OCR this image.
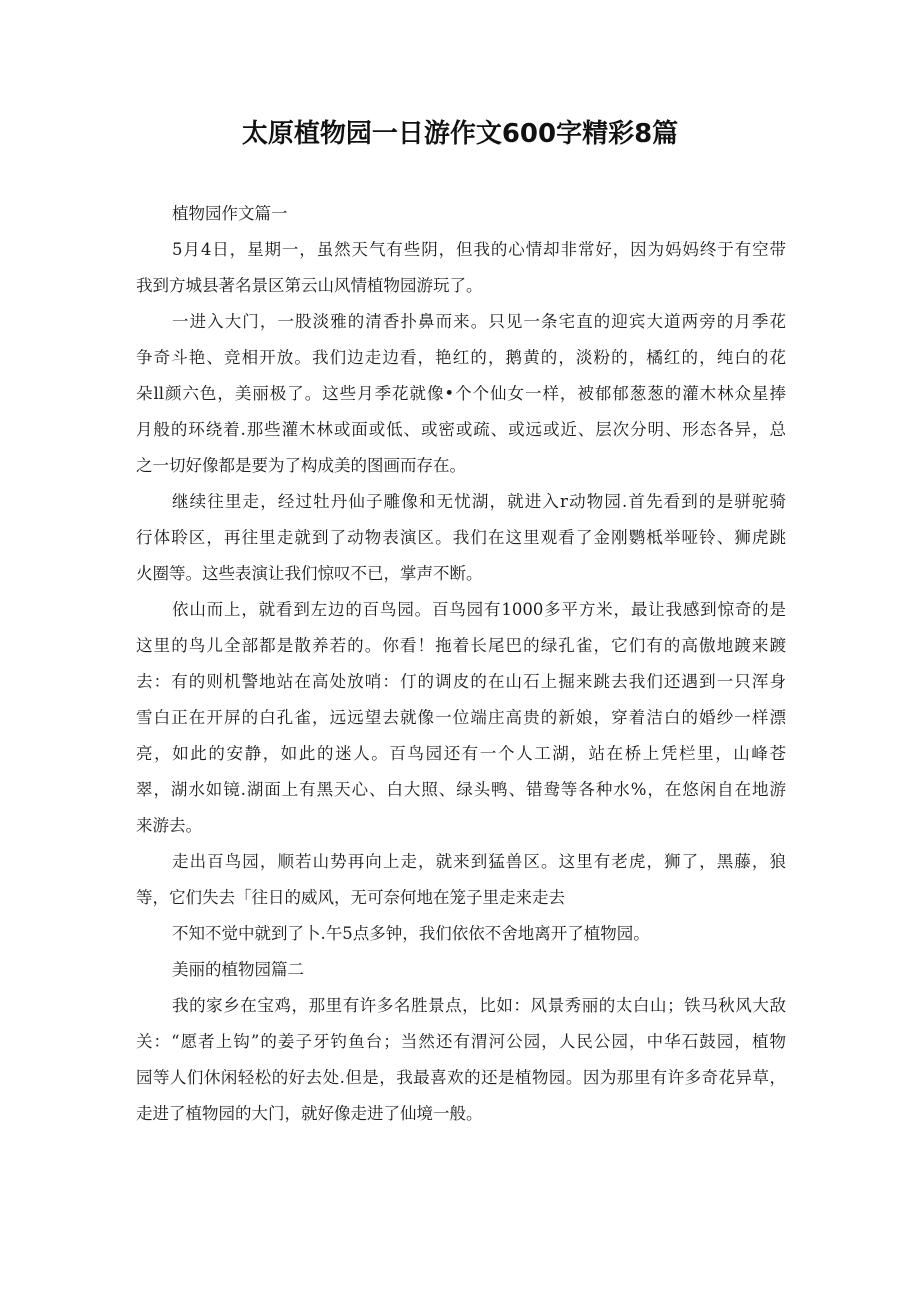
太原植物园一日游作文600字精彩8篇
植物园作文篇一
5月4日，星期一，虽然天气有些阴，但我的心情却非常好，因为妈妈终于有空带
我到方城县著名景区第云山风情植物园游玩了。
一进入大门，一股淡雅的清香扑鼻而来。只见一条宅直的迎宾大道两旁的月季花
争奇斗艳、竞相开放。我们边走边看，艳红的，鹅黄的，淡粉的，橘红的，纯白的花
朵ll颜六色，美丽极了。这些月季花就像•个个仙女一样，被郁郁葱葱的灌木林众星捧
月般的环绕着.那些灌木林或面或低、或密或疏、或远或近、层次分明、形态各异，总
之一切好像都是要为了构成美的图画而存在。
继续往里走，经过牡丹仙子雕像和无忧湖，就进入r动物园.首先看到的是骈驼骑
行体聆区，再往里走就到了动物表演区。我们在这里观看了金刚鹦柢举哑铃、狮虎跳
火圈等。这些表演让我们惊叹不已，掌声不断。
依山而上，就看到左边的百鸟园。百鸟园有1000多平方米，最让我感到惊奇的是
这里的鸟儿全部都是散养若的。你看！拖着长尾巴的绿孔雀，它们有的高傲地踱来踱
去：有的则机警地站在高处放哨：仃的调皮的在山石上掘来跳去我们还遇到一只浑身
雪白正在开屏的白孔雀，远远望去就像一位端庄高贵的新娘，穿着洁白的婚纱一样漂
亮，如此的安静，如此的迷人。百鸟园还有一个人工湖，站在桥上凭栏里，山峰苍
翠，湖水如镜.湖面上有黑天心、白大照、绿头鸭、错鸯等各种水%，在悠闲自在地游
来游去。
走出百鸟园，顺若山势再向上走，就来到猛兽区。这里有老虎，狮了，黑藤，狼
等，它们失去「往日的威风，无可奈何地在笼子里走来走去
不知不觉中就到了卜.午5点多钟，我们依依不舍地离开了植物园。
美丽的植物园篇二
我的家乡在宝鸡，那里有许多名胜景点，比如：风景秀丽的太白山；铁马秋风大敌
关：“愿者上钩”的姜子牙钓鱼台；当然还有渭河公园，人民公园，中华石鼓园，植物
园等人们休闲轻松的好去处.但是，我最喜欢的还是植物园。因为那里有许多奇花异草，
走进了植物园的大门，就好像走进了仙境一般。
